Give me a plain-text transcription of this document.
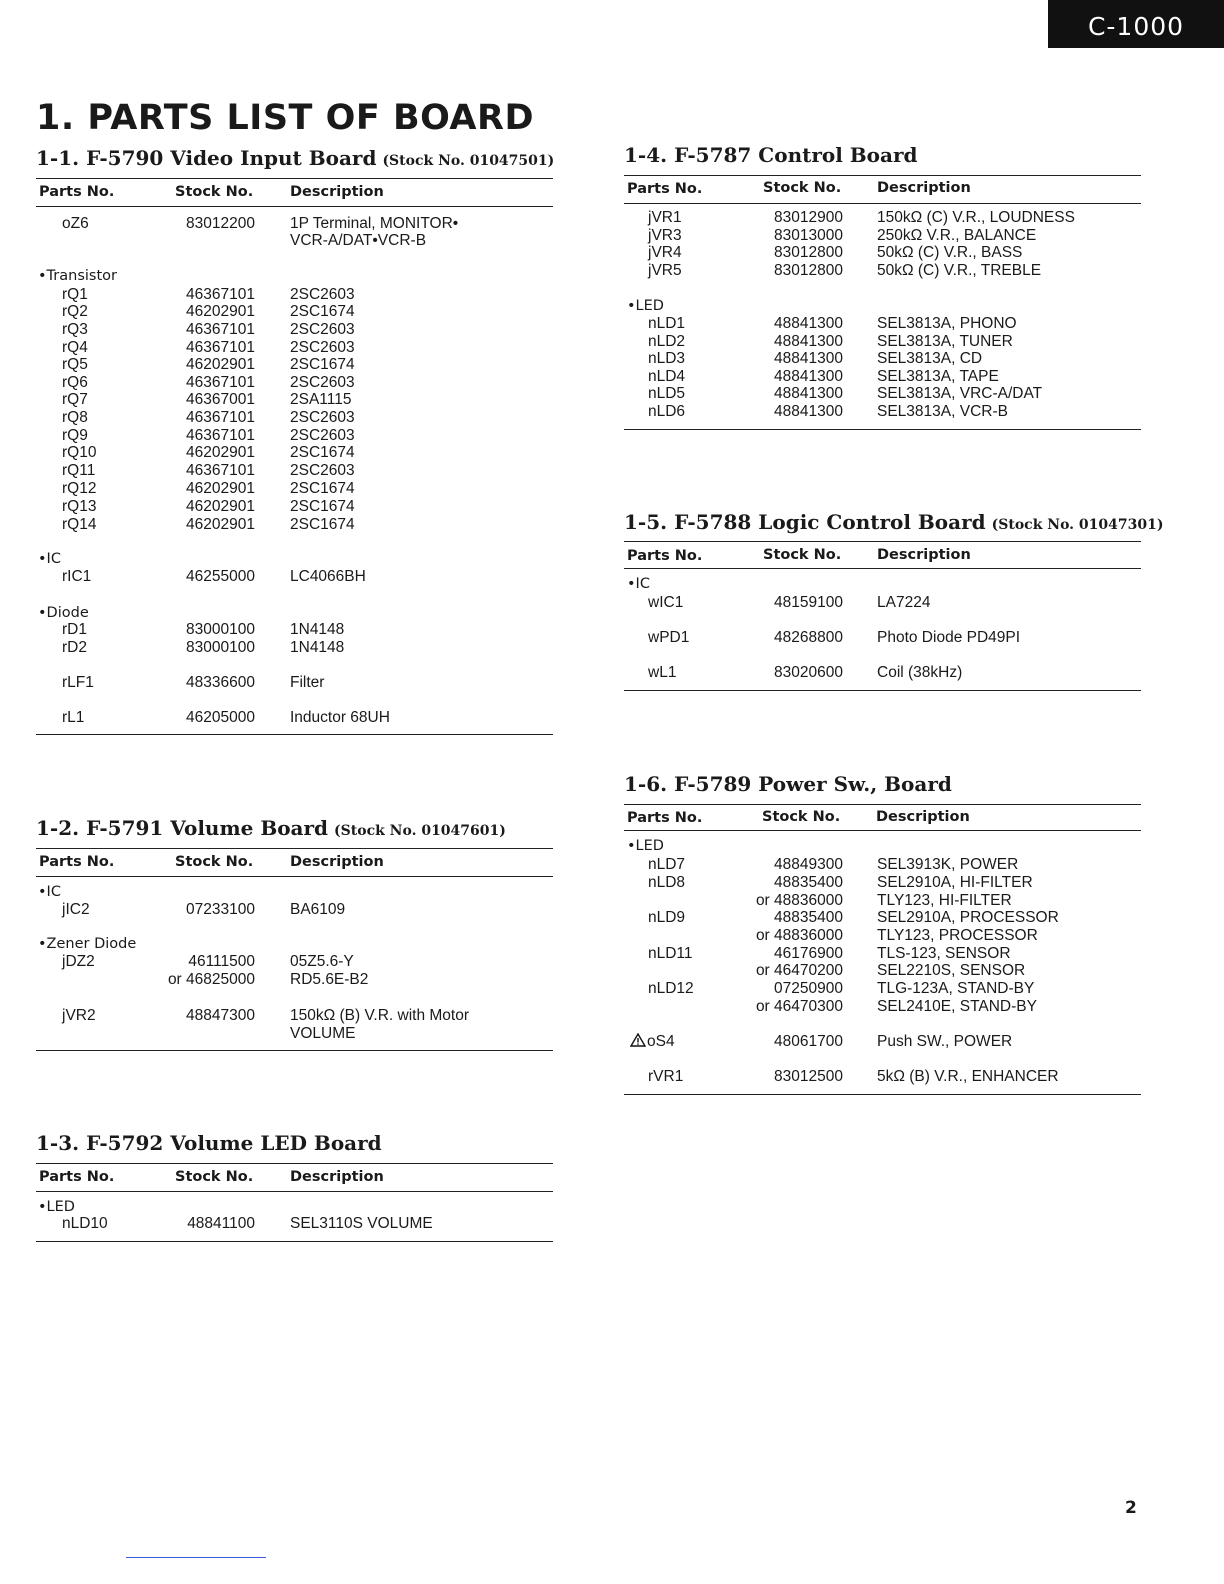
C-1000
1. PARTS LIST OF BOARD
1-1. F-5790 Video Input Board (Stock No. 01047501)
Parts No.	Stock No.	Description
oZ6	83012200 1P Terminal, MONITOR•
VCR-A/DAT•VCR-B
•Transistor
rQ1	46367101 2SC2603
rQ2	46202901 2SC1674
rQ3	46367101 2SC2603
rQ4	46367101 2SC2603
rQ5	46202901 2SC1674
rQ6	46367101 2SC2603
rQ7	46367001 2SA1115
rQ8	46367101 2SC2603
rQ9	46367101 2SC2603
rQ10	46202901 2SC1674
rQ11	46367101 2SC2603
rQ12	46202901 2SC1674
rQ13	46202901 2SC1674
rQ14	46202901 2SC1674
•IC
rIC1	46255000 LC4066BH
•Diode
rD1	83000100 1N4148
rD2	83000100 1N4148
rLF1	48336600 Filter
rL1	46205000 Inductor 68UH
1-2. F-5791 Volume Board (Stock No. 01047601)
Parts No.	Stock No.	Description
•IC
jIC2	07233100 BA6109
•Zener Diode
jDZ2	46111500 05Z5.6-Y
or 46825000 RD5.6E-B2
jVR2	48847300 150kΩ (B) V.R. with Motor
VOLUME
1-3. F-5792 Volume LED Board
Parts No.	Stock No.	Description
•LED
nLD10	48841100 SEL3110S VOLUME
1-4. F-5787 Control Board
Parts No.	Stock No. Description
jVR1	83012900 150kΩ (C) V.R., LOUDNESS
jVR3	83013000 250kΩ V.R., BALANCE
jVR4	83012800 50kΩ (C) V.R., BASS
jVR5	83012800 50kΩ (C) V.R., TREBLE
•LED
nLD1	48841300 SEL3813A, PHONO
nLD2	48841300 SEL3813A, TUNER
nLD3	48841300 SEL3813A, CD
nLD4	48841300 SEL3813A, TAPE
nLD5	48841300 SEL3813A, VRC-A/DAT
nLD6	48841300 SEL3813A, VCR-B
1-5. F-5788 Logic Control Board (Stock No. 01047301)
Parts No.	Stock No. Description
•IC
wIC1	48159100 LA7224
wPD1	48268800 Photo Diode PD49PI
wL1	83020600 Coil (38kHz)
1-6. F-5789 Power Sw., Board
Parts No.	Stock No. Description
•LED
nLD7	48849300 SEL3913K, POWER
nLD8	48835400 SEL2910A, HI-FILTER
or 48836000 TLY123, HI-FILTER
nLD9	48835400 SEL2910A, PROCESSOR
or 48836000 TLY123, PROCESSOR
nLD11	46176900 TLS-123, SENSOR
or 46470200 SEL2210S, SENSOR
nLD12	07250900 TLG-123A, STAND-BY
or 46470300 SEL2410E, STAND-BY
oS4	48061700 Push SW., POWER
rVR1	83012500 5kΩ (B) V.R., ENHANCER
2
